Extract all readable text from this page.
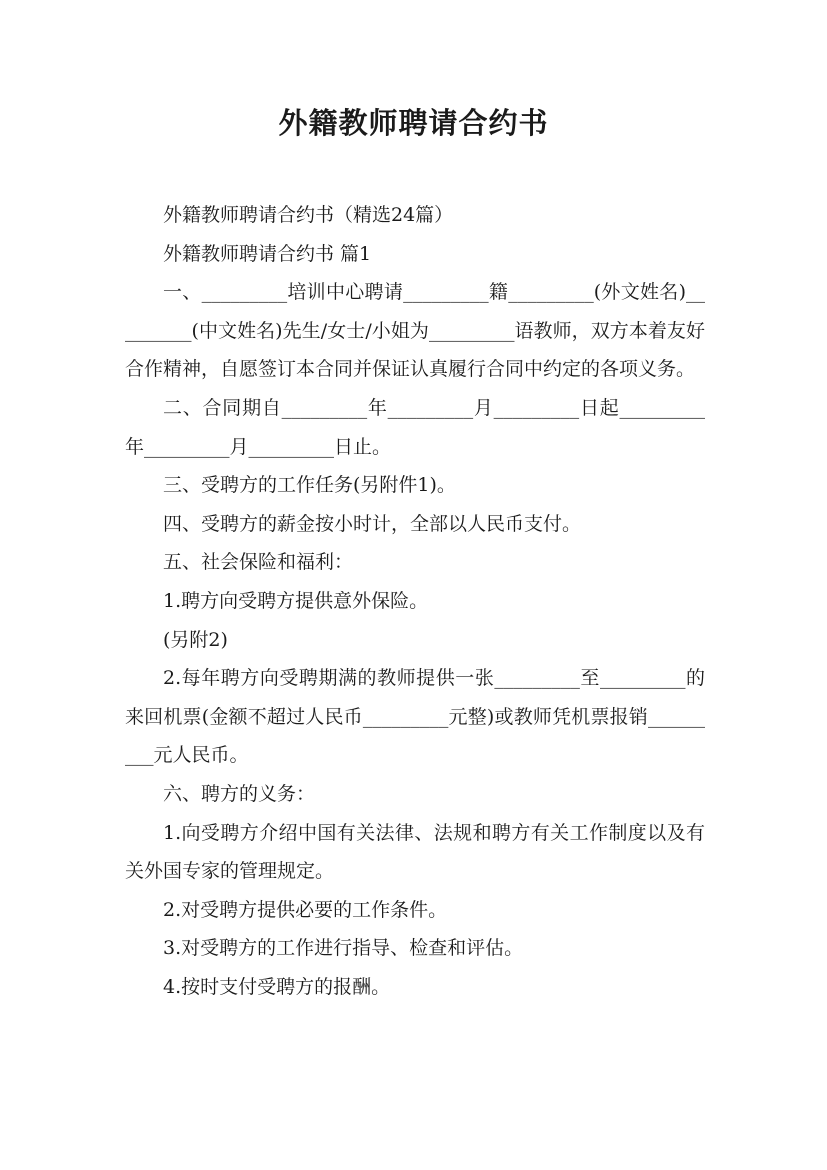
外籍教师聘请合约书

外籍教师聘请合约书（精选24篇）

外籍教师聘请合约书 篇1

一、_________培训中心聘请_________籍_________(外文姓名)_________(中文姓名)先生/女士/小姐为_________语教师，双方本着友好合作精神，自愿签订本合同并保证认真履行合同中约定的各项义务。

二、合同期自_________年_________月_________日起_________年_________月_________日止。

三、受聘方的工作任务(另附件1)。

四、受聘方的薪金按小时计，全部以人民币支付。

五、社会保险和福利：

1.聘方向受聘方提供意外保险。

(另附2)

2.每年聘方向受聘期满的教师提供一张_________至_________的来回机票(金额不超过人民币_________元整)或教师凭机票报销_________元人民币。

六、聘方的义务：

1.向受聘方介绍中国有关法律、法规和聘方有关工作制度以及有关外国专家的管理规定。

2.对受聘方提供必要的工作条件。

3.对受聘方的工作进行指导、检查和评估。

4.按时支付受聘方的报酬。
